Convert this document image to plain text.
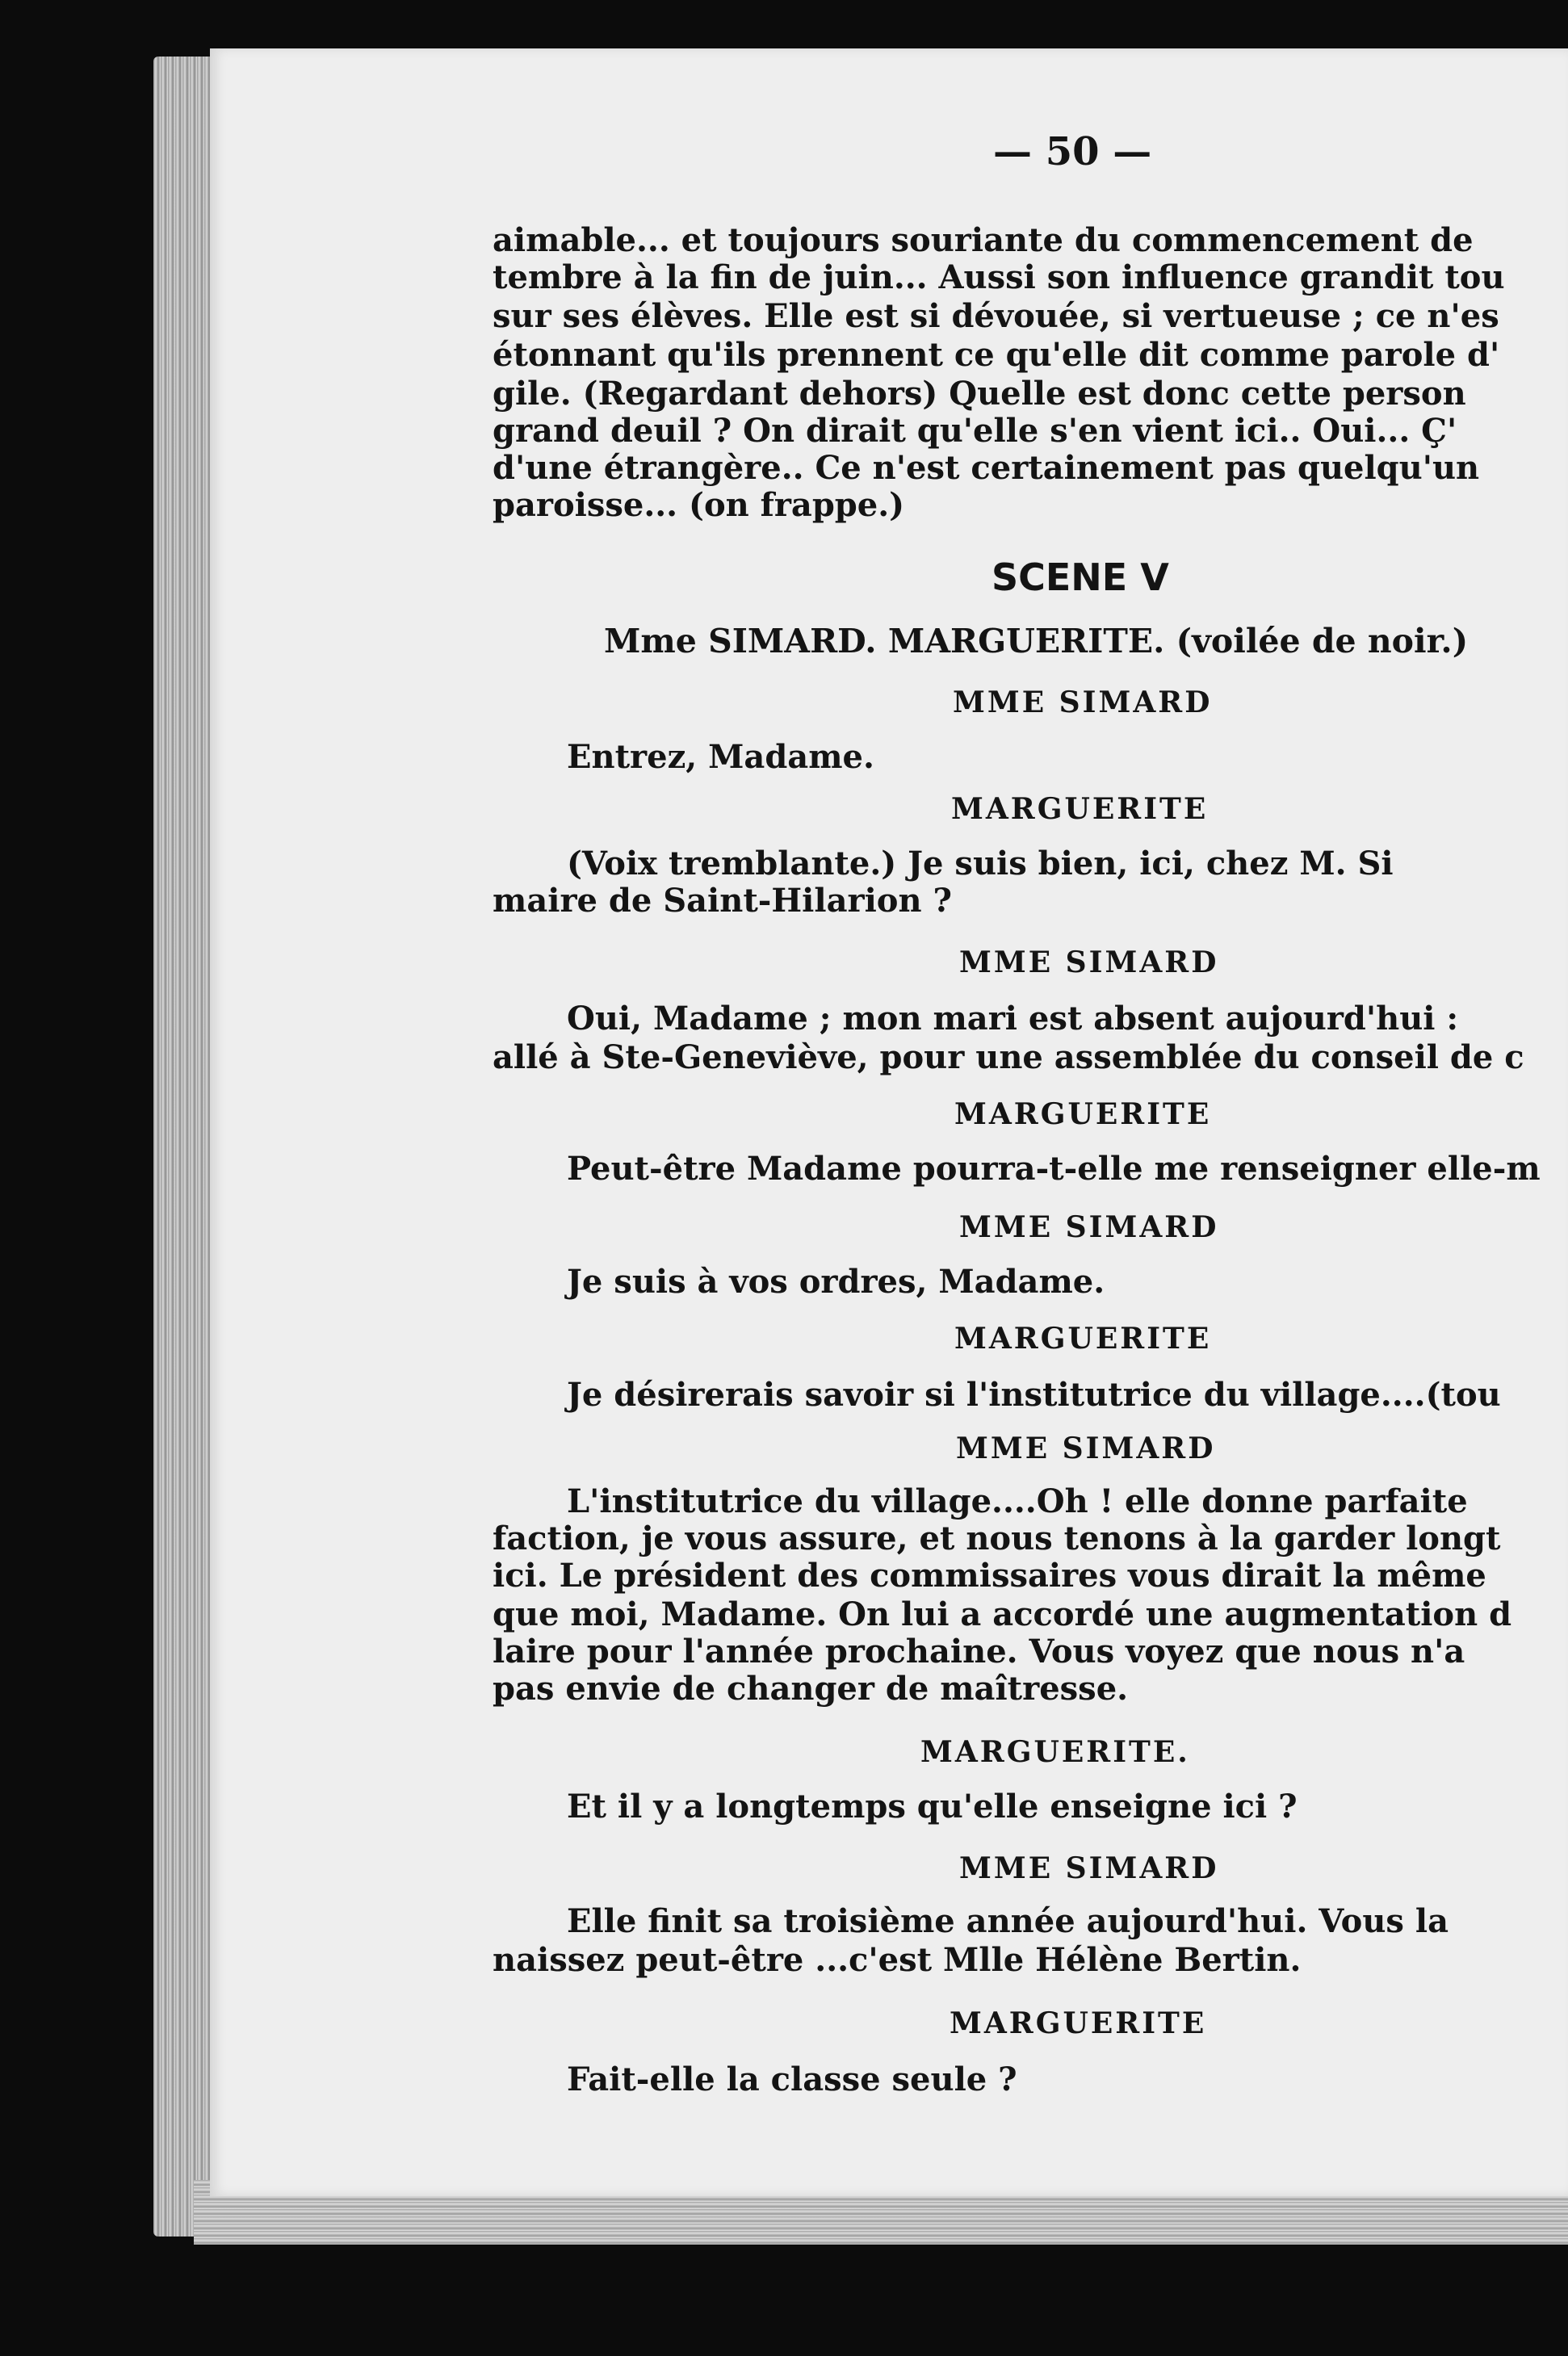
— 50 —
aimable... et toujours souriante du commencement de
tembre à la fin de juin... Aussi son influence grandit tou
sur ses élèves. Elle est si dévouée, si vertueuse ; ce n'es
étonnant qu'ils prennent ce qu'elle dit comme parole d'
gile. (Regardant dehors) Quelle est donc cette person
grand deuil ? On dirait qu'elle s'en vient ici.. Oui... Ç'
d'une étrangère.. Ce n'est certainement pas quelqu'un
paroisse... (on frappe.)
SCENE V
Mme SIMARD. MARGUERITE. (voilée de noir.)
MME SIMARD
Entrez, Madame.
MARGUERITE
(Voix tremblante.) Je suis bien, ici, chez M. Si
maire de Saint-Hilarion ?
MME SIMARD
Oui, Madame ; mon mari est absent aujourd'hui :
allé à Ste-Geneviève, pour une assemblée du conseil de c
MARGUERITE
Peut-être Madame pourra-t-elle me renseigner elle-m
MME SIMARD
Je suis à vos ordres, Madame.
MARGUERITE
Je désirerais savoir si l'institutrice du village....(tou
MME SIMARD
L'institutrice du village....Oh ! elle donne parfaite
faction, je vous assure, et nous tenons à la garder longt
ici. Le président des commissaires vous dirait la même
que moi, Madame. On lui a accordé une augmentation d
laire pour l'année prochaine. Vous voyez que nous n'a
pas envie de changer de maîtresse.
MARGUERITE.
Et il y a longtemps qu'elle enseigne ici ?
MME SIMARD
Elle finit sa troisième année aujourd'hui. Vous la
naissez peut-être ...c'est Mlle Hélène Bertin.
MARGUERITE
Fait-elle la classe seule ?
